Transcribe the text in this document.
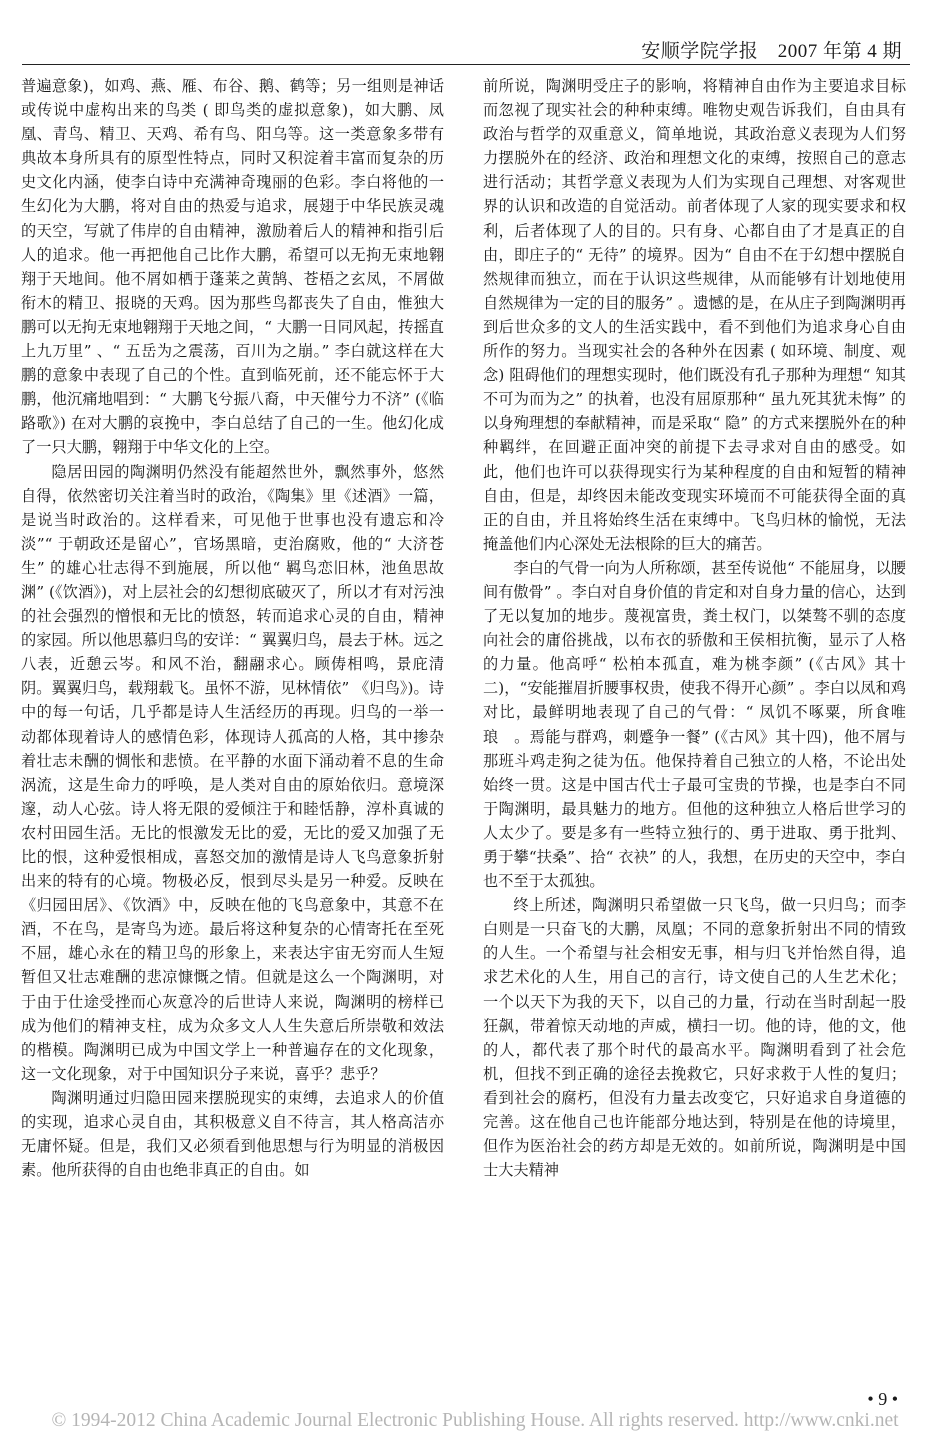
安顺学院学报　2007 年第 4 期

普遍意象)，如鸡、燕、雁、布谷、鹅、鹤等；另一组则是神话或传说中虚构出来的鸟类 ( 即鸟类的虚拟意象)，如大鹏、凤凰、青鸟、精卫、天鸡、希有鸟、阳乌等。这一类意象多带有典故本身所具有的原型性特点，同时又积淀着丰富而复杂的历史文化内涵，使李白诗中充满神奇瑰丽的色彩。李白将他的一生幻化为大鹏，将对自由的热爱与追求，展翅于中华民族灵魂的天空，写就了伟岸的自由精神，激励着后人的精神和指引后人的追求。他一再把他自己比作大鹏，希望可以无拘无束地翱翔于天地间。他不屑如栖于蓬莱之黄鹄、苍梧之玄凤，不屑做衔木的精卫、报晓的天鸡。因为那些鸟都丧失了自由，惟独大鹏可以无拘无束地翱翔于天地之间，“ 大鹏一日同风起，抟摇直上九万里” 、“ 五岳为之震荡，百川为之崩。” 李白就这样在大鹏的意象中表现了自己的个性。直到临死前，还不能忘怀于大鹏，他沉痛地唱到：“ 大鹏飞兮振八裔，中天催兮力不济” (《临路歌》) 在对大鹏的哀挽中，李白总结了自己的一生。他幻化成了一只大鹏，翱翔于中华文化的上空。

隐居田园的陶渊明仍然没有能超然世外，飘然事外，悠然自得，依然密切关注着当时的政治，《陶集》里《述酒》一篇，是说当时政治的。这样看来，可见他于世事也没有遗忘和冷淡”“ 于朝政还是留心”，官场黑暗，吏治腐败，他的“ 大济苍生” 的雄心壮志得不到施展，所以他“ 羁鸟恋旧林，池鱼思故渊” (《饮酒》)，对上层社会的幻想彻底破灭了，所以才有对污浊的社会强烈的憎恨和无比的愤怒，转而追求心灵的自由，精神的家园。所以他思慕归鸟的安详：“ 翼翼归鸟，晨去于林。远之八表，近憩云岑。和风不治，翻翮求心。顾俦相鸣，景庇清阴。翼翼归鸟，载翔载飞。虽怀不游，见林情依” 《归鸟》)。诗中的每一句话，几乎都是诗人生活经历的再现。归鸟的一举一动都体现着诗人的感情色彩，体现诗人孤高的人格，其中掺杂着壮志未酬的惆怅和悲愤。在平静的水面下涌动着不息的生命涡流，这是生命力的呼唤，是人类对自由的原始依归。意境深邃，动人心弦。诗人将无限的爱倾注于和睦恬静，淳朴真诚的农村田园生活。无比的恨激发无比的爱，无比的爱又加强了无比的恨，这种爱恨相成，喜怒交加的激情是诗人飞鸟意象折射出来的特有的心境。物极必反，恨到尽头是另一种爱。反映在《归园田居》、《饮酒》中，反映在他的飞鸟意象中，其意不在酒，不在鸟，是寄鸟为迹。最后将这种复杂的心情寄托在至死不屈，雄心永在的精卫鸟的形象上，来表达宇宙无穷而人生短暂但又壮志难酬的悲凉慷慨之情。但就是这么一个陶渊明，对于由于仕途受挫而心灰意冷的后世诗人来说，陶渊明的榜样已成为他们的精神支柱，成为众多文人人生失意后所崇敬和效法的楷模。陶渊明已成为中国文学上一种普遍存在的文化现象，这一文化现象，对于中国知识分子来说，喜乎？悲乎？

陶渊明通过归隐田园来摆脱现实的束缚，去追求人的价值的实现，追求心灵自由，其积极意义自不待言，其人格高洁亦无庸怀疑。但是，我们又必须看到他思想与行为明显的消极因素。他所获得的自由也绝非真正的自由。如

前所说，陶渊明受庄子的影响，将精神自由作为主要追求目标而忽视了现实社会的种种束缚。唯物史观告诉我们，自由具有政治与哲学的双重意义，简单地说，其政治意义表现为人们努力摆脱外在的经济、政治和理想文化的束缚，按照自己的意志进行活动；其哲学意义表现为人们为实现自己理想、对客观世界的认识和改造的自觉活动。前者体现了人家的现实要求和权利，后者体现了人的目的。只有身、心都自由了才是真正的自由，即庄子的“ 无待” 的境界。因为“ 自由不在于幻想中摆脱自然规律而独立，而在于认识这些规律，从而能够有计划地使用自然规律为一定的目的服务” 。遗憾的是，在从庄子到陶渊明再到后世众多的文人的生活实践中，看不到他们为追求身心自由所作的努力。当现实社会的各种外在因素 ( 如环境、制度、观念) 阻碍他们的理想实现时，他们既没有孔子那种为理想“ 知其不可为而为之” 的执着，也没有屈原那种“ 虽九死其犹未悔” 的以身殉理想的奉献精神，而是采取“ 隐” 的方式来摆脱外在的种种羁绊，在回避正面冲突的前提下去寻求对自由的感受。如此，他们也许可以获得现实行为某种程度的自由和短暂的精神自由，但是，却终因未能改变现实环境而不可能获得全面的真正的自由，并且将始终生活在束缚中。飞鸟归林的愉悦，无法掩盖他们内心深处无法根除的巨大的痛苦。

李白的气骨一向为人所称颂，甚至传说他“ 不能屈身，以腰间有傲骨” 。李白对自身价值的肯定和对自身力量的信心，达到了无以复加的地步。蔑视富贵，粪土权门，以桀骜不驯的态度向社会的庸俗挑战，以布衣的骄傲和王侯相抗衡，显示了人格的力量。他高呼“ 松柏本孤直，难为桃李颜” (《古风》其十二)，“安能摧眉折腰事权贵，使我不得开心颜” 。李白以凤和鸡对比，最鲜明地表现了自己的气骨：“ 凤饥不啄粟，所食唯琅　。焉能与群鸡，刺蹙争一餐” (《古风》其十四)，他不屑与那班斗鸡走狗之徒为伍。他保持着自己独立的人格，不论出处始终一贯。这是中国古代士子最可宝贵的节操，也是李白不同于陶渊明，最具魅力的地方。但他的这种独立人格后世学习的人太少了。要是多有一些特立独行的、勇于进取、勇于批判、勇于攀“扶桑”、拾“ 衣袂” 的人，我想，在历史的天空中，李白也不至于太孤独。

终上所述，陶渊明只希望做一只飞鸟，做一只归鸟；而李白则是一只奋飞的大鹏，凤凰；不同的意象折射出不同的情致的人生。一个希望与社会相安无事，相与归飞并怡然自得，追求艺术化的人生，用自己的言行，诗文使自己的人生艺术化；一个以天下为我的天下，以自己的力量，行动在当时刮起一股狂飙，带着惊天动地的声威，横扫一切。他的诗，他的文，他的人，都代表了那个时代的最高水平。陶渊明看到了社会危机，但找不到正确的途径去挽救它，只好求救于人性的复归；看到社会的腐朽，但没有力量去改变它，只好追求自身道德的完善。这在他自己也许能部分地达到，特别是在他的诗境里，但作为医治社会的药方却是无效的。如前所说，陶渊明是中国士大夫精神

• 9 •
© 1994-2012 China Academic Journal Electronic Publishing House. All rights reserved. http://www.cnki.net
